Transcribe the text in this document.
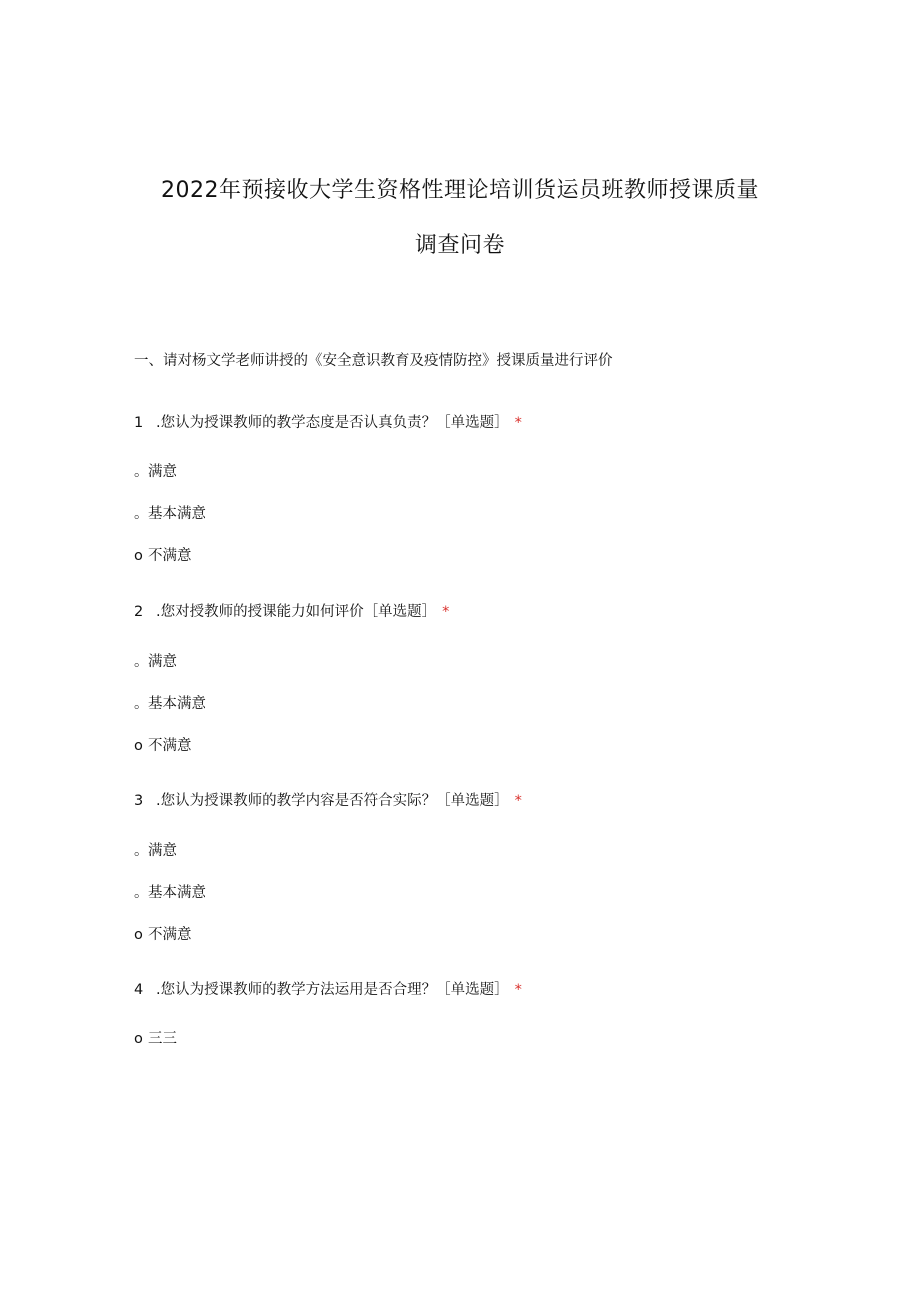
2022年预接收大学生资格性理论培训货运员班教师授课质量
调查问卷
一、请对杨文学老师讲授的《安全意识教育及疫情防控》授课质量进行评价
1 .您认为授课教师的教学态度是否认真负责？［单选题］ *
。满意
。基本满意
o 不满意
2 .您对授教师的授课能力如何评价［单选题］ *
。满意
。基本满意
o 不满意
3 .您认为授课教师的教学内容是否符合实际？［单选题］ *
。满意
。基本满意
o 不满意
4 .您认为授课教师的教学方法运用是否合理？［单选题］ *
o 三三
